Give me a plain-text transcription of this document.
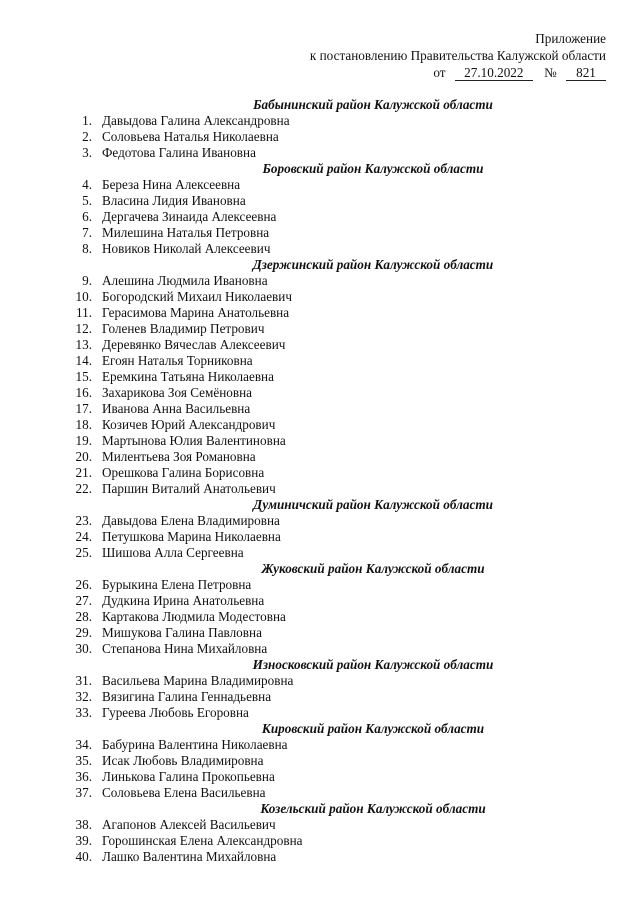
Приложение
к постановлению Правительства Калужской области
от 27.10.2022 № 821
Бабынинский район Калужской области
1. Давыдова Галина Александровна
2. Соловьева Наталья Николаевна
3. Федотова Галина Ивановна
Боровский район Калужской области
4. Береза Нина Алексеевна
5. Власина Лидия Ивановна
6. Дергачева Зинаида Алексеевна
7. Милешина Наталья Петровна
8. Новиков Николай Алексеевич
Дзержинский район Калужской области
9. Алешина Людмила Ивановна
10. Богородский Михаил Николаевич
11. Герасимова Марина Анатольевна
12. Голенев Владимир Петрович
13. Деревянко Вячеслав Алексеевич
14. Егоян Наталья Торниковна
15. Еремкина Татьяна Николаевна
16. Захарикова Зоя Семёновна
17. Иванова Анна Васильевна
18. Козичев Юрий Александрович
19. Мартынова Юлия Валентиновна
20. Милентьева Зоя Романовна
21. Орешкова Галина Борисовна
22. Паршин Виталий Анатольевич
Думиничский район Калужской области
23. Давыдова Елена Владимировна
24. Петушкова Марина Николаевна
25. Шишова Алла Сергеевна
Жуковский район Калужской области
26. Бурыкина Елена Петровна
27. Дудкина Ирина Анатольевна
28. Картакова Людмила Модестовна
29. Мишукова Галина Павловна
30. Степанова Нина Михайловна
Износковский район Калужской области
31. Васильева Марина Владимировна
32. Вязигина Галина Геннадьевна
33. Гуреева Любовь Егоровна
Кировский район Калужской области
34. Бабурина Валентина Николаевна
35. Исак Любовь Владимировна
36. Линькова Галина Прокопьевна
37. Соловьева Елена Васильевна
Козельский район Калужской области
38. Агапонов Алексей Васильевич
39. Горошинская Елена Александровна
40. Лашко Валентина Михайловна
